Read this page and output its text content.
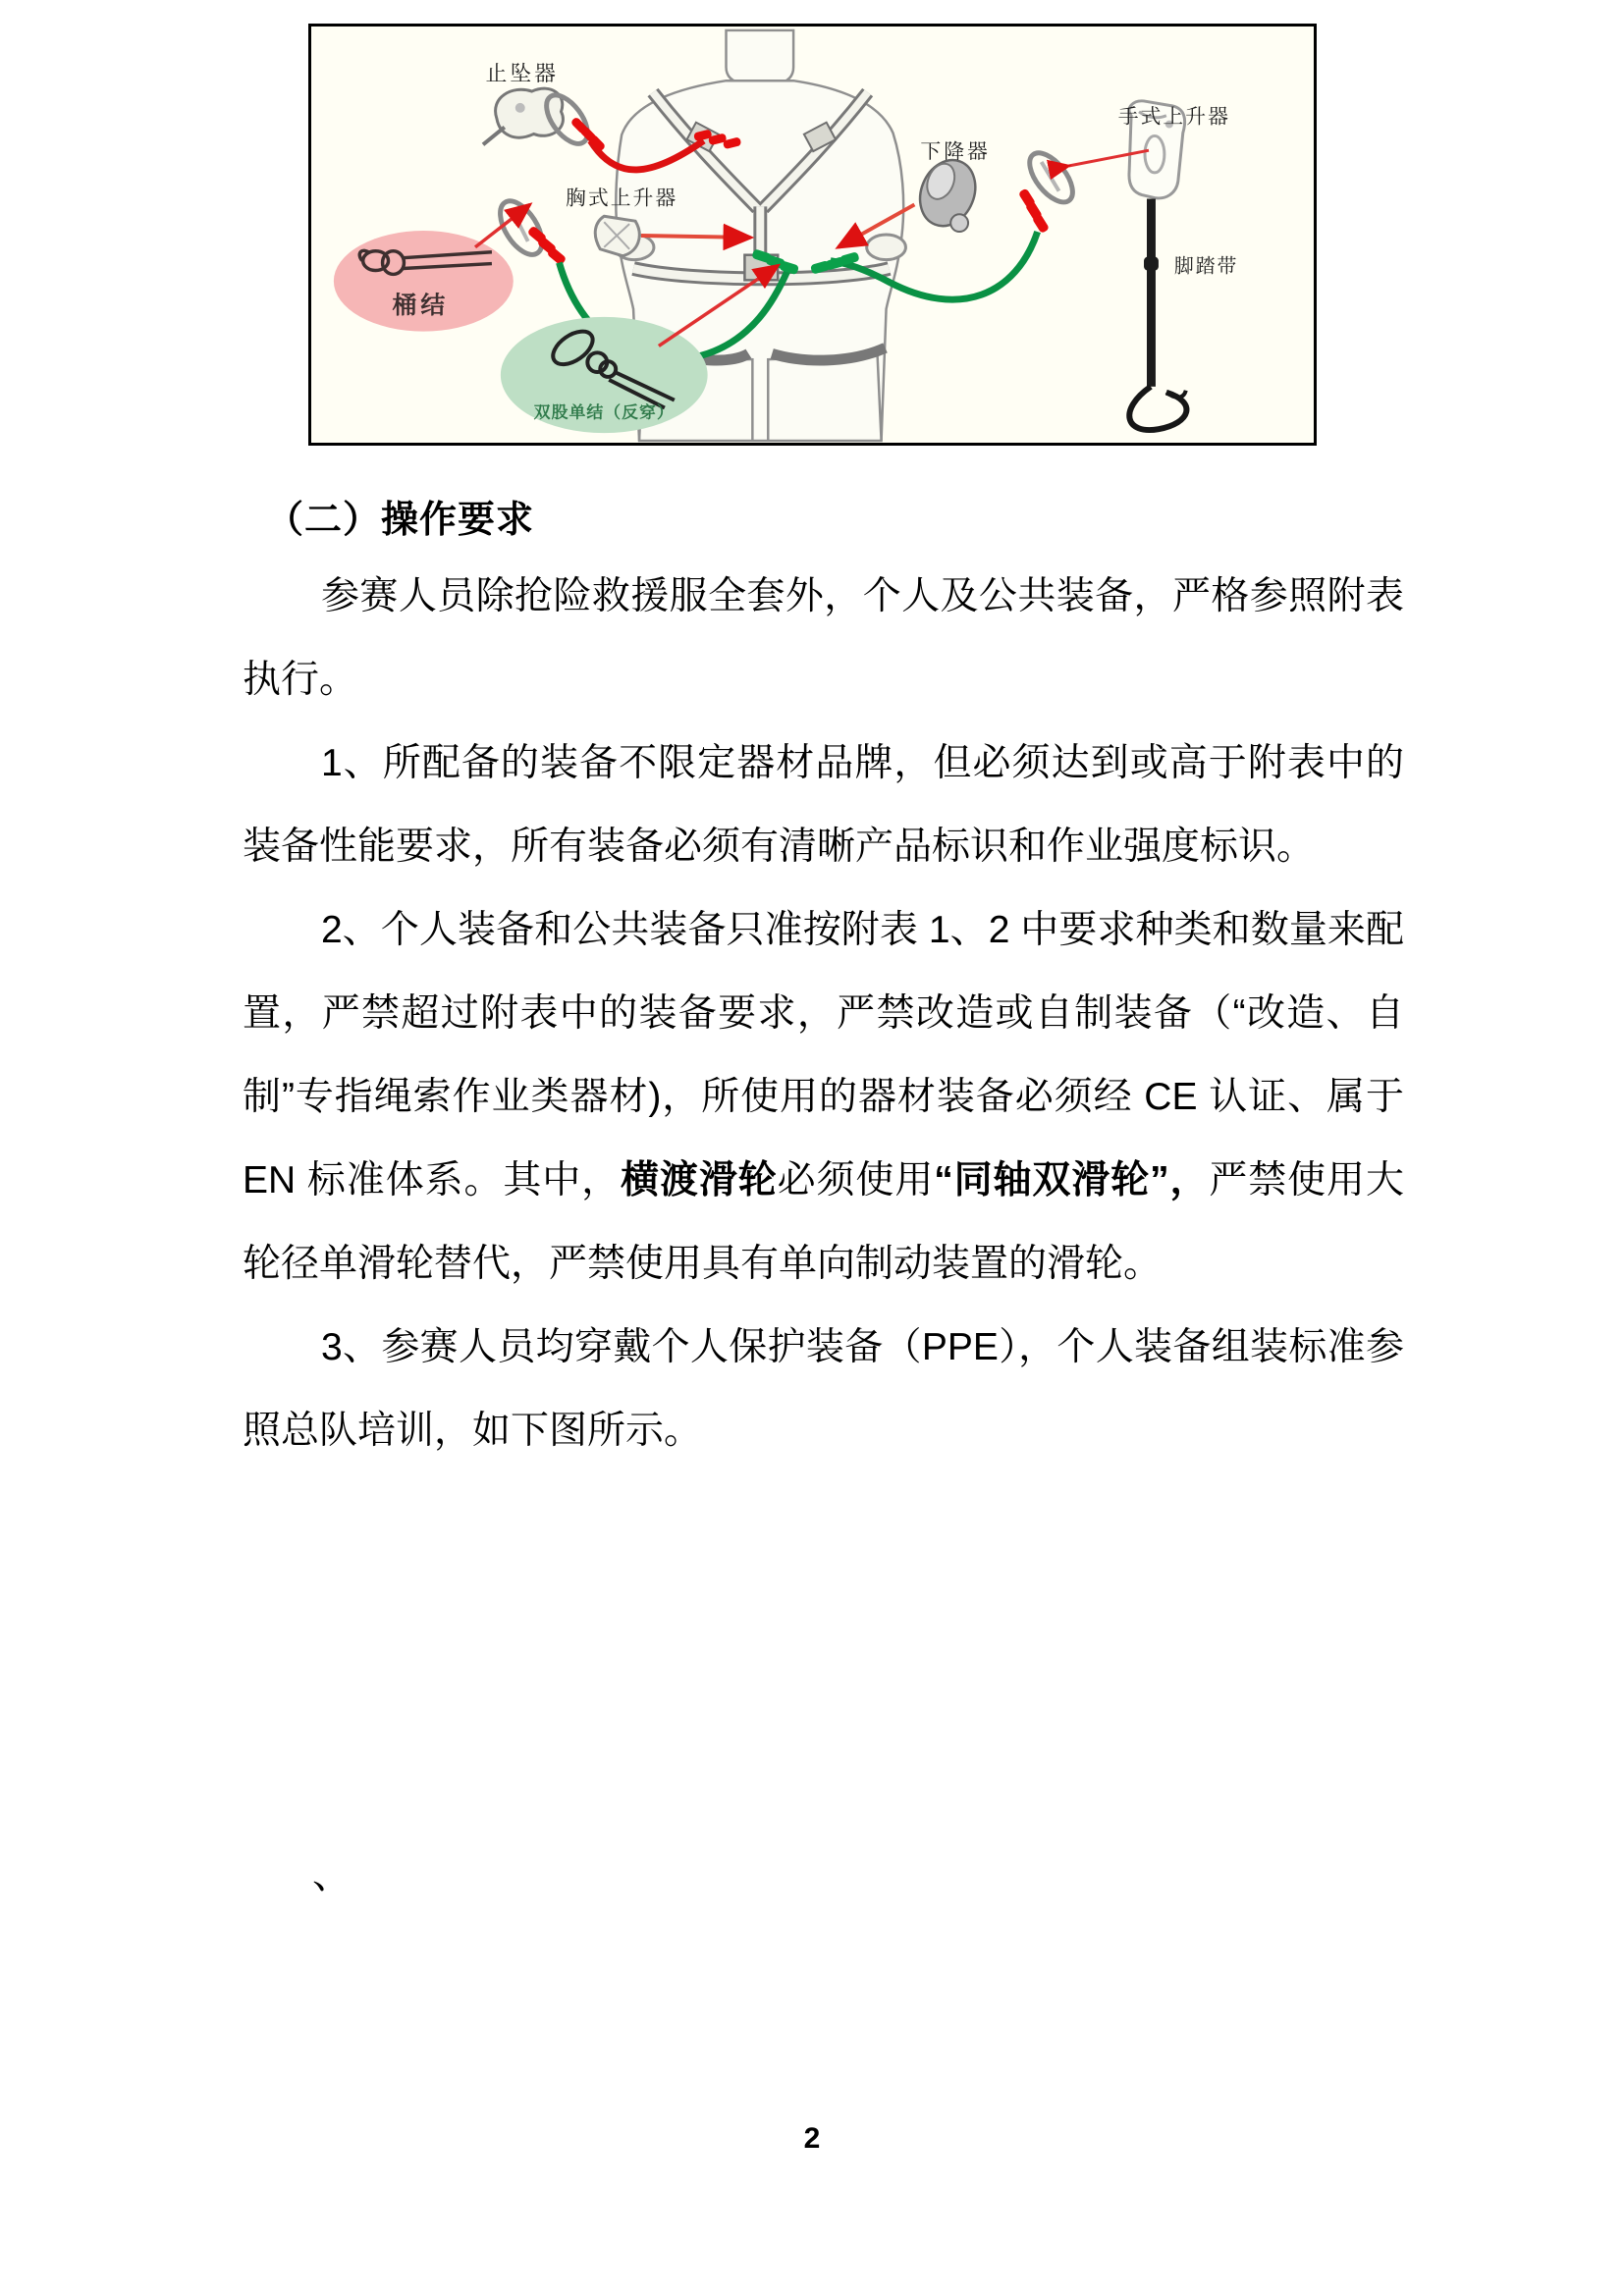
止坠器
胸式上升器
下降器
手式上升器
脚踏带
桶结
双股单结（反穿）
（二）操作要求
参赛人员除抢险救援服全套外，个人及公共装备，严格参照附表
执行。
1、所配备的装备不限定器材品牌，但必须达到或高于附表中的
装备性能要求，所有装备必须有清晰产品标识和作业强度标识。
2、个人装备和公共装备只准按附表 1、2 中要求种类和数量来配
置，严禁超过附表中的装备要求，严禁改造或自制装备（“改造、自
制”专指绳索作业类器材)，所使用的器材装备必须经 CE 认证、属于
EN 标准体系。其中，横渡滑轮必须使用“同轴双滑轮”，严禁使用大
轮径单滑轮替代，严禁使用具有单向制动装置的滑轮。
3、参赛人员均穿戴个人保护装备（PPE），个人装备组装标准参
照总队培训，如下图所示。
、
2
